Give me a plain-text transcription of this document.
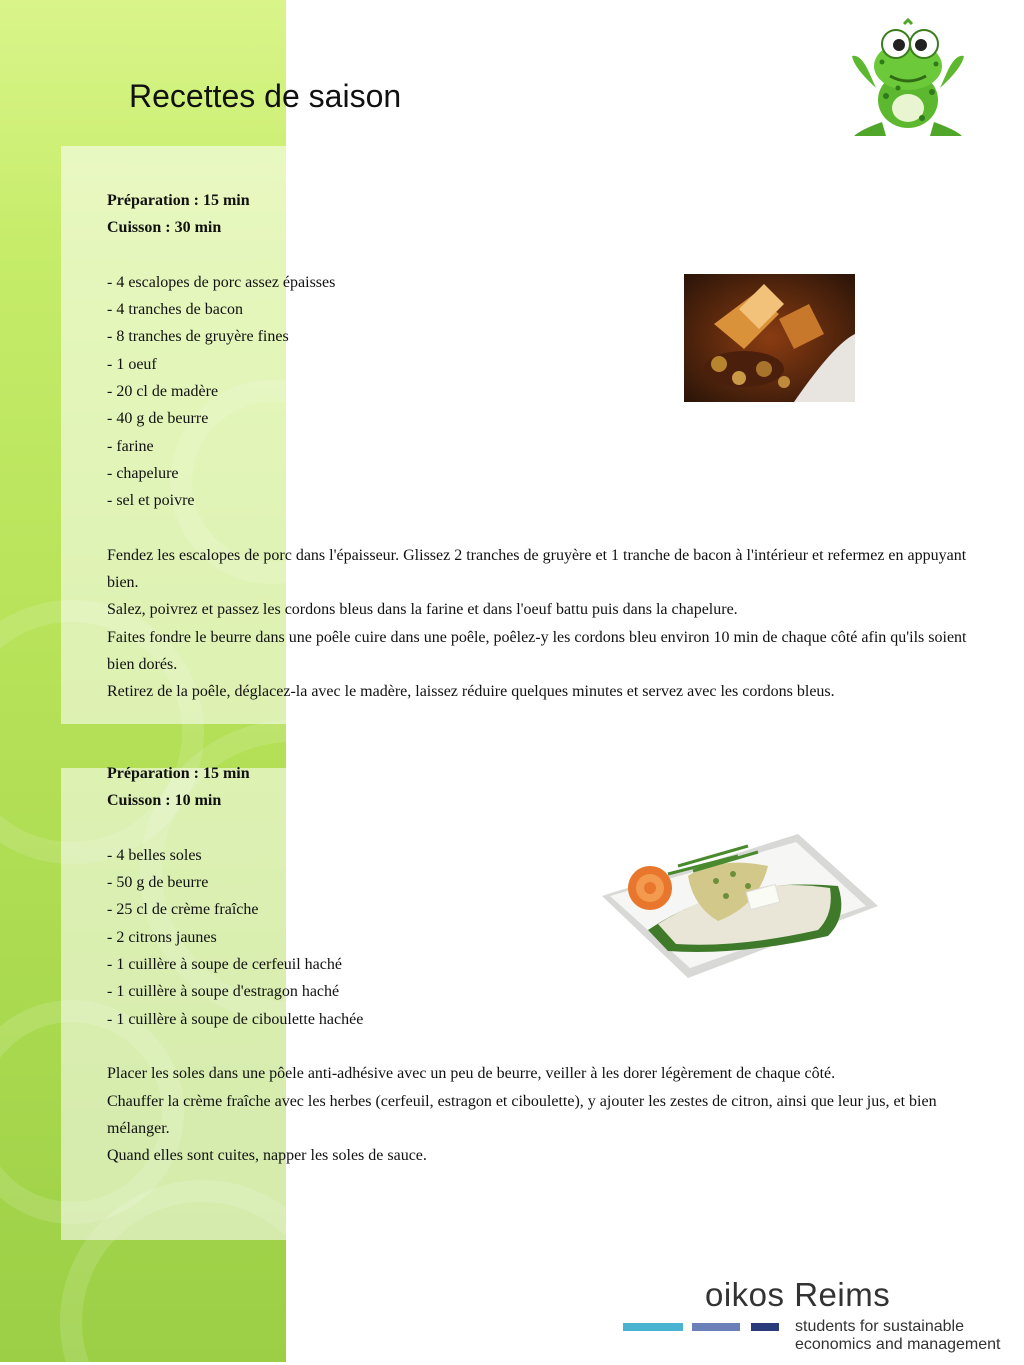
Recettes de saison
Préparation : 15 min
Cuisson : 30 min
- 4 escalopes de porc assez épaisses
- 4 tranches de bacon
- 8 tranches de gruyère fines
- 1 oeuf
- 20 cl de madère
- 40 g de beurre
- farine
- chapelure
- sel et poivre

Fendez les escalopes de porc dans l'épaisseur. Glissez 2 tranches de gruyère et 1 tranche de bacon à l'intérieur et refermez en appuyant bien.

Salez, poivrez et passez les cordons bleus dans la farine et dans l'oeuf battu puis dans la chapelure.

Faites fondre le beurre dans une poêle cuire dans une poêle, poêlez-y les cordons bleu environ 10 min de chaque côté afin qu'ils soient bien dorés.

Retirez de la poêle, déglacez-la avec le madère, laissez réduire quelques minutes et servez avec les cordons bleus.

Préparation : 15 min
Cuisson : 10 min
- 4 belles soles
- 50 g de beurre
- 25 cl de crème fraîche
- 2 citrons jaunes
- 1 cuillère à soupe de cerfeuil haché
- 1 cuillère à soupe d'estragon haché
- 1 cuillère à soupe de ciboulette hachée

Placer les soles dans une pôele anti-adhésive avec un peu de beurre, veiller à les dorer légèrement de chaque côté.

Chauffer la crème fraîche avec les herbes (cerfeuil, estragon et ciboulette), y ajouter les zestes de citron, ainsi que leur jus, et bien mélanger.

Quand elles sont cuites, napper les soles de sauce.

oikos Reims
students for sustainable
economics and management
